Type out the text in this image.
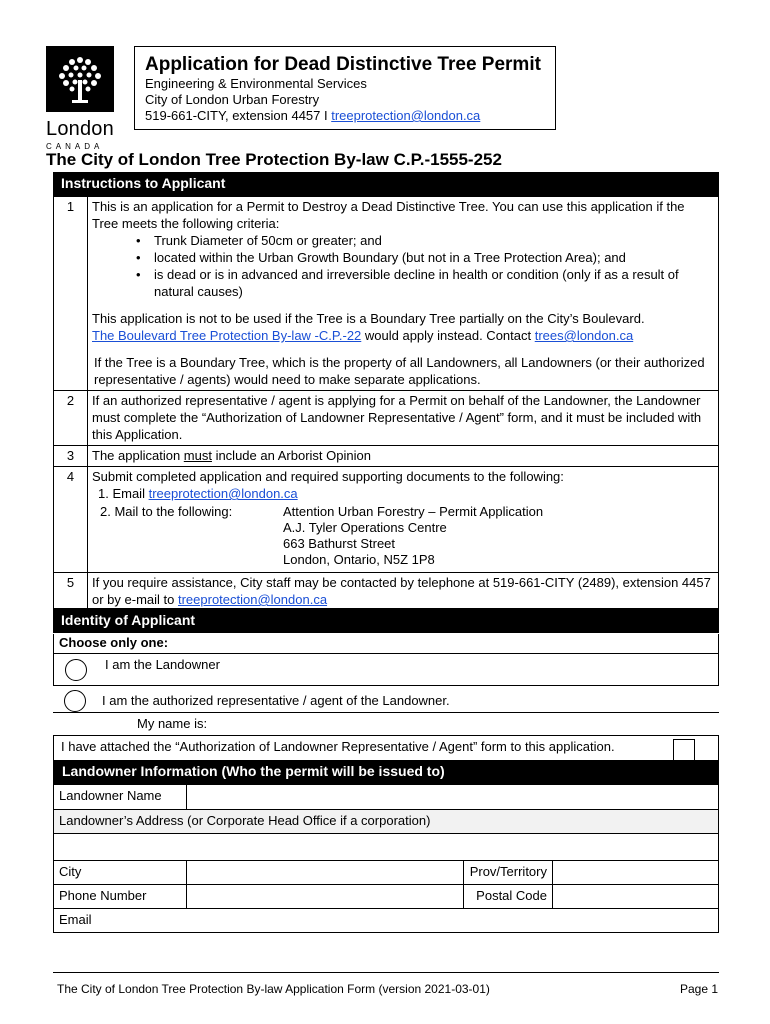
London
CANADA
Application for Dead Distinctive Tree Permit
Engineering & Environmental Services
City of London Urban Forestry
519-661-CITY, extension 4457 I treeprotection@london.ca
The City of London Tree Protection By-law C.P.-1555-252
Instructions to Applicant
1	This is an application for a Permit to Destroy a Dead Distinctive Tree. You can use this application if the Tree meets the following criteria:
• Trunk Diameter of 50cm or greater; and
• located within the Urban Growth Boundary (but not in a Tree Protection Area); and
• is dead or is in advanced and irreversible decline in health or condition (only if as a result of natural causes)
This application is not to be used if the Tree is a Boundary Tree partially on the City’s Boulevard.
The Boulevard Tree Protection By-law -C.P.-22 would apply instead. Contact trees@london.ca
If the Tree is a Boundary Tree, which is the property of all Landowners, all Landowners (or their authorized representative / agents) would need to make separate applications.
2	If an authorized representative / agent is applying for a Permit on behalf of the Landowner, the Landowner must complete the “Authorization of Landowner Representative / Agent” form, and it must be included with this Application.
3	The application must include an Arborist Opinion
4	Submit completed application and required supporting documents to the following:
1. Email treeprotection@london.ca
2. Mail to the following:	Attention Urban Forestry – Permit Application
A.J. Tyler Operations Centre
663 Bathurst Street
London, Ontario, N5Z 1P8
5	If you require assistance, City staff may be contacted by telephone at 519-661-CITY (2489), extension 4457 or by e-mail to treeprotection@london.ca
Identity of Applicant
Choose only one:
I am the Landowner
I am the authorized representative / agent of the Landowner.
My name is:
I have attached the “Authorization of Landowner Representative / Agent” form to this application.
Landowner Information (Who the permit will be issued to)
Landowner Name
Landowner’s Address (or Corporate Head Office if a corporation)
City	Prov/Territory
Phone Number	Postal Code
Email
The City of London Tree Protection By-law Application Form (version 2021-03-01)	Page 1
